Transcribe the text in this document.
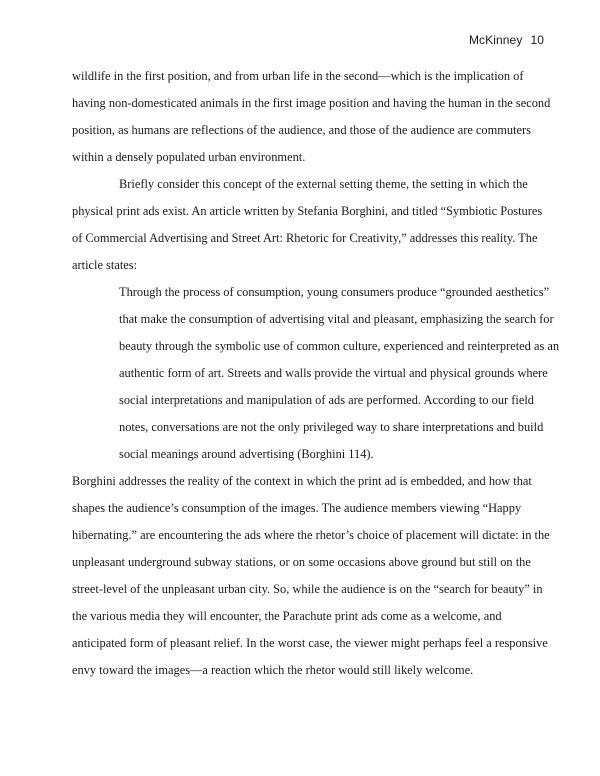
McKinney 10
wildlife in the first position, and from urban life in the second—which is the implication of
having non-domesticated animals in the first image position and having the human in the second
position, as humans are reflections of the audience, and those of the audience are commuters
within a densely populated urban environment.
Briefly consider this concept of the external setting theme, the setting in which the
physical print ads exist. An article written by Stefania Borghini, and titled “Symbiotic Postures
of Commercial Advertising and Street Art: Rhetoric for Creativity,” addresses this reality. The
article states:
Through the process of consumption, young consumers produce “grounded aesthetics”
that make the consumption of advertising vital and pleasant, emphasizing the search for
beauty through the symbolic use of common culture, experienced and reinterpreted as an
authentic form of art. Streets and walls provide the virtual and physical grounds where
social interpretations and manipulation of ads are performed. According to our field
notes, conversations are not the only privileged way to share interpretations and build
social meanings around advertising (Borghini 114).
Borghini addresses the reality of the context in which the print ad is embedded, and how that
shapes the audience’s consumption of the images. The audience members viewing “Happy
hibernating.” are encountering the ads where the rhetor’s choice of placement will dictate: in the
unpleasant underground subway stations, or on some occasions above ground but still on the
street-level of the unpleasant urban city. So, while the audience is on the “search for beauty” in
the various media they will encounter, the Parachute print ads come as a welcome, and
anticipated form of pleasant relief. In the worst case, the viewer might perhaps feel a responsive
envy toward the images—a reaction which the rhetor would still likely welcome.
